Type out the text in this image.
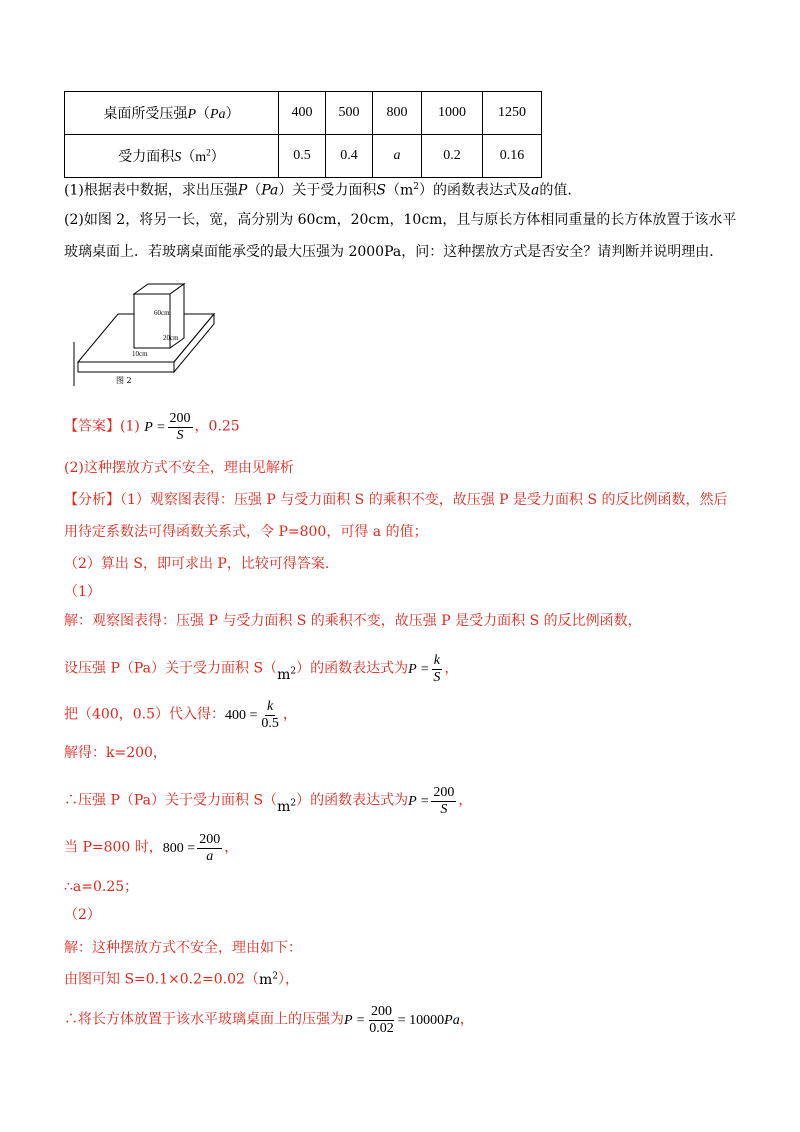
桌面所受压强P（Pa）	400	500	800	1000	1250
受力面积$S(m^2)$	0.5	0.4	a	0.2	0.16
(1)根据表中数据，求出压强P（Pa）关于受力面积$S(m^2)$的函数表达式及a的值.
(2)如图 2，将另一长，宽，高分别为 60cm，20cm，10cm，且与原长方体相同重量的长方体放置于该水平
玻璃桌面上．若玻璃桌面能承受的最大压强为 2000Pa，问：这种摆放方式是否安全？请判断并说明理由.
60cm
20cm
10cm
图 2
【答案】(1) $P = \frac{200}{S}$ ，0.25
(2)这种摆放方式不安全，理由见解析
【分析】（1）观察图表得：压强 P 与受力面积 S 的乘积不变，故压强 P 是受力面积 S 的反比例函数，然后
用待定系数法可得函数关系式，令 P=800，可得 a 的值；
（2）算出 S，即可求出 P，比较可得答案.
（1）
解：观察图表得：压强 P 与受力面积 S 的乘积不变，故压强 P 是受力面积 S 的反比例函数，
设压强 P（Pa）关于受力面积 $S(m^2)$的函数表达式为$P = \frac{k}{S}$ ，
把（400，0.5）代入得：$400 = \frac{k}{0.5}$ ，
解得：k=200，
∴压强 P（Pa）关于受力面积 $S(m^2)$的函数表达式为$P = \frac{200}{S}$ ，
当 P=800 时，$800 = \frac{200}{a}$ ，
∴a=0.25；
（2）
解：这种摆放方式不安全，理由如下：
由图可知 $S=0.1\times 0.2=0.02(m^2)$，
∴将长方体放置于该水平玻璃桌面上的压强为$P = \frac{200}{0.02} = 10000Pa$，
